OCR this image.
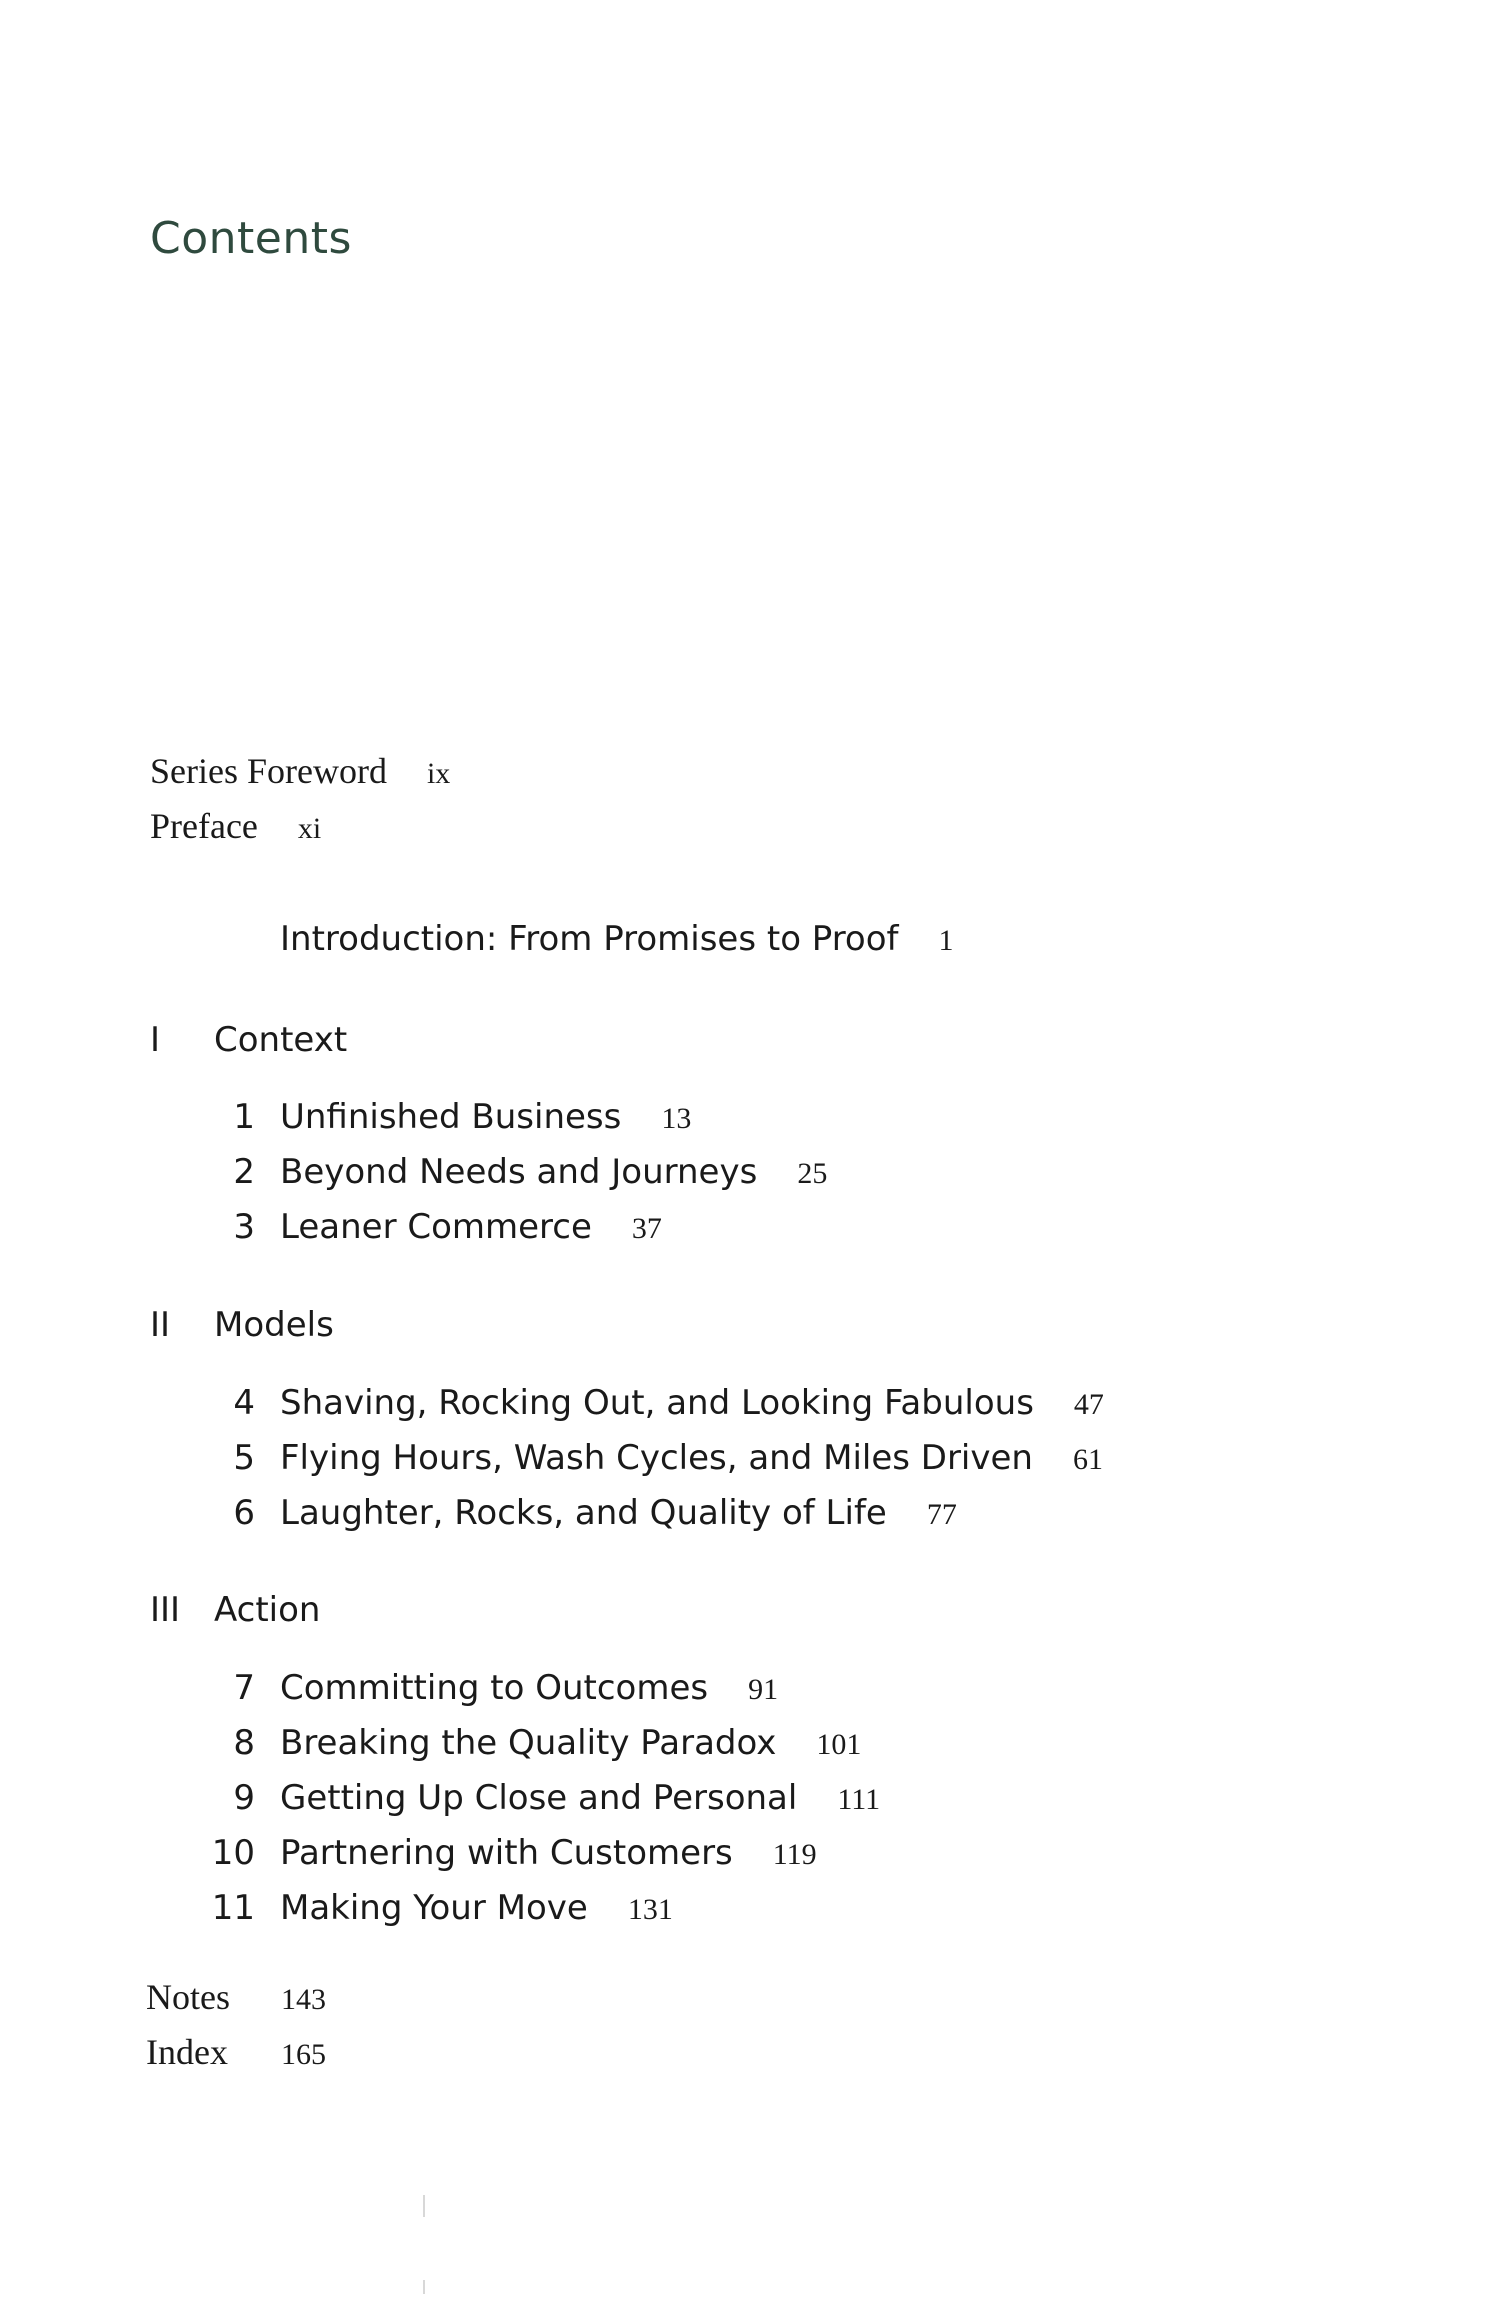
Contents
Series Foreword ix
Preface xi
Introduction: From Promises to Proof 1
I	Context
1 Unfinished Business 13
2 Beyond Needs and Journeys 25
3 Leaner Commerce 37
II	Models
4 Shaving, Rocking Out, and Looking Fabulous 47
5 Flying Hours, Wash Cycles, and Miles Driven 61
6 Laughter, Rocks, and Quality of Life 77
III Action
7 Committing to Outcomes 91
8 Breaking the Quality Paradox 101
9 Getting Up Close and Personal 111
10 Partnering with Customers 119
11 Making Your Move 131
Notes	143
Index	165
